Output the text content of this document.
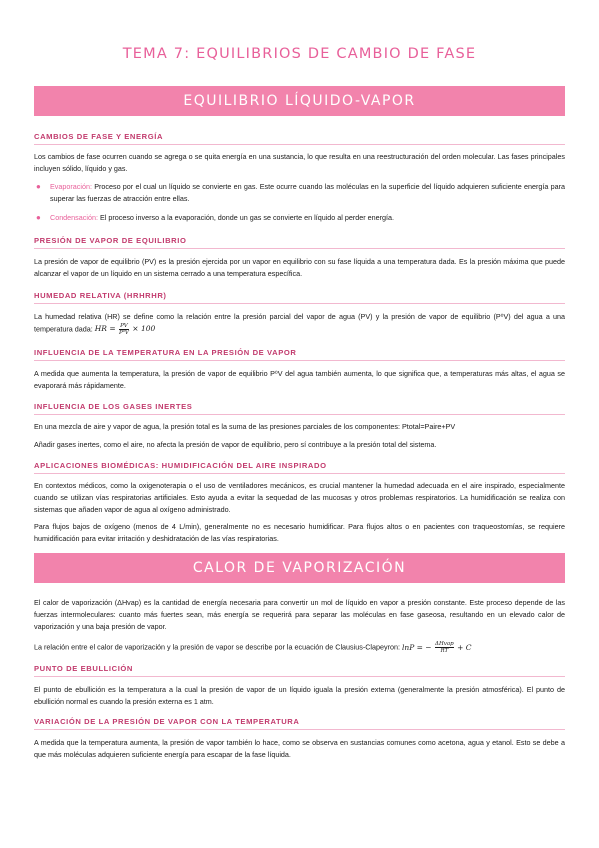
TEMA 7: EQUILIBRIOS DE CAMBIO DE FASE
EQUILIBRIO LÍQUIDO-VAPOR
CAMBIOS DE FASE Y ENERGÍA
Los cambios de fase ocurren cuando se agrega o se quita energía en una sustancia, lo que resulta en una reestructuración del orden molecular. Las fases principales incluyen sólido, líquido y gas.
● Evaporación: Proceso por el cual un líquido se convierte en gas. Este ocurre cuando las moléculas en la superficie del líquido adquieren suficiente energía para superar las fuerzas de atracción entre ellas.
● Condensación: El proceso inverso a la evaporación, donde un gas se convierte en líquido al perder energía.
PRESIÓN DE VAPOR DE EQUILIBRIO
La presión de vapor de equilibrio (PV) es la presión ejercida por un vapor en equilibrio con su fase líquida a una temperatura dada. Es la presión máxima que puede alcanzar el vapor de un líquido en un sistema cerrado a una temperatura específica.
HUMEDAD RELATIVA (HRHRHR)
La humedad relativa (HR) se define como la relación entre la presión parcial del vapor de agua (PV) y la presión de vapor de equilibrio (P⁰V) del agua a una temperatura dada: HR = $\frac{PV}{\text{P⁰V}} \times 100$
INFLUENCIA DE LA TEMPERATURA EN LA PRESIÓN DE VAPOR
A medida que aumenta la temperatura, la presión de vapor de equilibrio P⁰V del agua también aumenta, lo que significa que, a temperaturas más altas, el agua se evaporará más rápidamente.
INFLUENCIA DE LOS GASES INERTES
En una mezcla de aire y vapor de agua, la presión total es la suma de las presiones parciales de los componentes: Ptotal=Paire+PV
Añadir gases inertes, como el aire, no afecta la presión de vapor de equilibrio, pero sí contribuye a la presión total del sistema.
APLICACIONES BIOMÉDICAS: HUMIDIFICACIÓN DEL AIRE INSPIRADO
En contextos médicos, como la oxigenoterapia o el uso de ventiladores mecánicos, es crucial mantener la humedad adecuada en el aire inspirado, especialmente cuando se utilizan vías respiratorias artificiales. Esto ayuda a evitar la sequedad de las mucosas y otros problemas respiratorios. La humidificación se realiza con sistemas que añaden vapor de agua al oxígeno administrado.
Para flujos bajos de oxígeno (menos de 4 L/min), generalmente no es necesario humidificar. Para flujos altos o en pacientes con traqueostomías, se requiere humidificación para evitar irritación y deshidratación de las vías respiratorias.
CALOR DE VAPORIZACIÓN
El calor de vaporización (ΔHvap) es la cantidad de energía necesaria para convertir un mol de líquido en vapor a presión constante. Este proceso depende de las fuerzas intermoleculares: cuanto más fuertes sean, más energía se requerirá para separar las moléculas en fase gaseosa, resultando en un elevado calor de vaporización y una baja presión de vapor.
La relación entre el calor de vaporización y la presión de vapor se describe por la ecuación de Clausius-Clapeyron: lnP = − $\frac{\text{ΔHvap}}{RT} + C$
PUNTO DE EBULLICIÓN
El punto de ebullición es la temperatura a la cual la presión de vapor de un líquido iguala la presión externa (generalmente la presión atmosférica). El punto de ebullición normal es cuando la presión externa es 1 atm.
VARIACIÓN DE LA PRESIÓN DE VAPOR CON LA TEMPERATURA
A medida que la temperatura aumenta, la presión de vapor también lo hace, como se observa en sustancias comunes como acetona, agua y etanol. Esto se debe a que más moléculas adquieren suficiente energía para escapar de la fase líquida.
